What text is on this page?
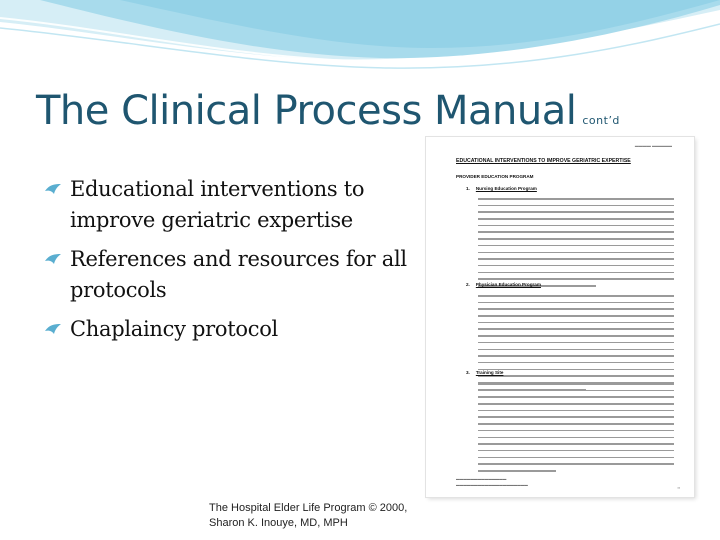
The Clinical Process Manual cont’d
Educational interventions to improve geriatric expertise
References and resources for all protocols
Chaplaincy protocol
▬▬▬▬ ▬▬▬▬▬
EDUCATIONAL INTERVENTIONS TO IMPROVE GERIATRIC EXPERTISE
PROVIDER EDUCATION PROGRAM
1. Nursing Education Program
2. Physician Education Program
3. Training Site
▬▬▬▬▬▬▬▬▬▬▬▬▬▬
▬▬▬▬▬▬▬▬▬▬▬▬▬▬▬▬▬▬▬▬
▪▪
The Hospital Elder Life Program © 2000,
Sharon K. Inouye, MD, MPH
